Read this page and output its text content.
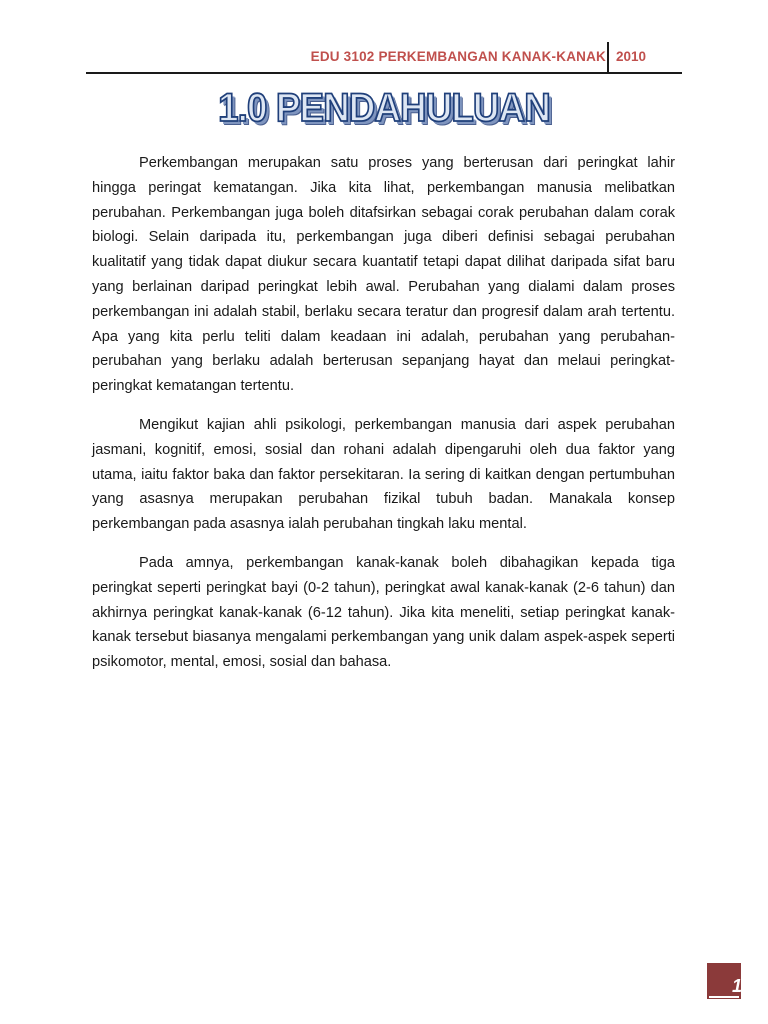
EDU 3102 PERKEMBANGAN KANAK-KANAK 2010
1.0 PENDAHULUAN

Perkembangan merupakan satu proses yang berterusan dari peringkat lahir hingga peringat kematangan. Jika kita lihat, perkembangan manusia melibatkan perubahan. Perkembangan juga boleh ditafsirkan sebagai corak perubahan dalam corak biologi. Selain daripada itu, perkembangan juga diberi definisi sebagai perubahan kualitatif yang tidak dapat diukur secara kuantatif tetapi dapat dilihat daripada sifat baru yang berlainan daripad peringkat lebih awal. Perubahan yang dialami dalam proses perkembangan ini adalah stabil, berlaku secara teratur dan progresif dalam arah tertentu. Apa yang kita perlu teliti dalam keadaan ini adalah, perubahan yang perubahan-perubahan yang berlaku adalah berterusan sepanjang hayat dan melaui peringkat-peringkat kematangan tertentu.

Mengikut kajian ahli psikologi, perkembangan manusia dari aspek perubahan jasmani, kognitif, emosi, sosial dan rohani adalah dipengaruhi oleh dua faktor yang utama, iaitu faktor baka dan faktor persekitaran. Ia sering di kaitkan dengan pertumbuhan yang asasnya merupakan perubahan fizikal tubuh badan. Manakala konsep perkembangan pada asasnya ialah perubahan tingkah laku mental.

Pada amnya, perkembangan kanak-kanak boleh dibahagikan kepada tiga peringkat seperti peringkat bayi (0-2 tahun), peringkat awal kanak-kanak (2-6 tahun) dan akhirnya peringkat kanak-kanak (6-12 tahun). Jika kita meneliti, setiap peringkat kanak-kanak tersebut biasanya mengalami perkembangan yang unik dalam aspek-aspek seperti psikomotor, mental, emosi, sosial dan bahasa.

1
